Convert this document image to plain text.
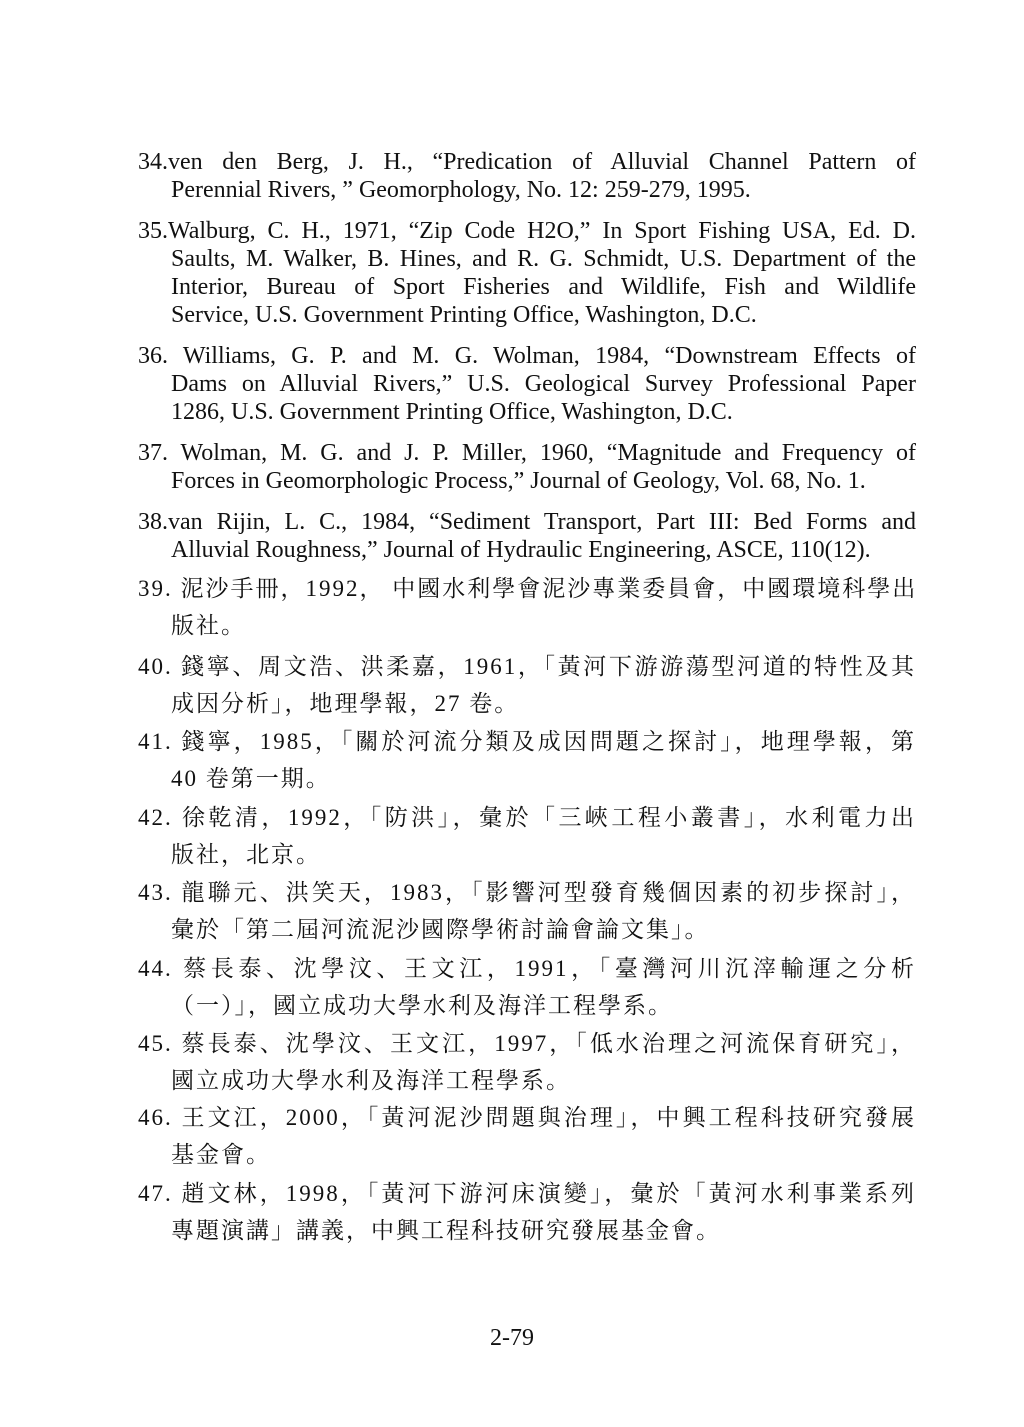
34.ven den Berg, J. H., “Predication of Alluvial Channel Pattern of
Perennial Rivers, ” Geomorphology, No. 12: 259-279, 1995.
35.Walburg, C. H., 1971, “Zip Code H2O,” In Sport Fishing USA, Ed. D.
Saults, M. Walker, B. Hines, and R. G. Schmidt, U.S. Department of the
Interior, Bureau of Sport Fisheries and Wildlife, Fish and Wildlife
Service, U.S. Government Printing Office, Washington, D.C.
36. Williams, G. P. and M. G. Wolman, 1984, “Downstream Effects of
Dams on Alluvial Rivers,” U.S. Geological Survey Professional Paper
1286, U.S. Government Printing Office, Washington, D.C.
37. Wolman, M. G. and J. P. Miller, 1960, “Magnitude and Frequency of
Forces in Geomorphologic Process,” Journal of Geology, Vol. 68, No. 1.
38.van Rijin, L. C., 1984, “Sediment Transport, Part III: Bed Forms and
Alluvial Roughness,” Journal of Hydraulic Engineering, ASCE, 110(12).
39. 泥沙手冊，1992， 中國水利學會泥沙專業委員會，中國環境科學出
版社。
40. 錢寧、周文浩、洪柔嘉，1961，「黃河下游游蕩型河道的特性及其
成因分析」，地理學報，27 卷。
41. 錢寧，1985，「關於河流分類及成因問題之探討」，地理學報，第
40 卷第一期。
42. 徐乾清，1992，「防洪」，彙於「三峽工程小叢書」，水利電力出
版社，北京。
43. 龍聯元、洪笑天，1983，「影響河型發育幾個因素的初步探討」，
彙於「第二屆河流泥沙國際學術討論會論文集」。
44. 蔡長泰、沈學汶、王文江，1991，「臺灣河川沉滓輸運之分析
（一）」，國立成功大學水利及海洋工程學系。
45. 蔡長泰、沈學汶、王文江，1997，「低水治理之河流保育研究」，
國立成功大學水利及海洋工程學系。
46. 王文江，2000，「黃河泥沙問題與治理」，中興工程科技研究發展
基金會。
47. 趙文林，1998，「黃河下游河床演變」，彙於「黃河水利事業系列
專題演講」講義，中興工程科技研究發展基金會。
2-79
